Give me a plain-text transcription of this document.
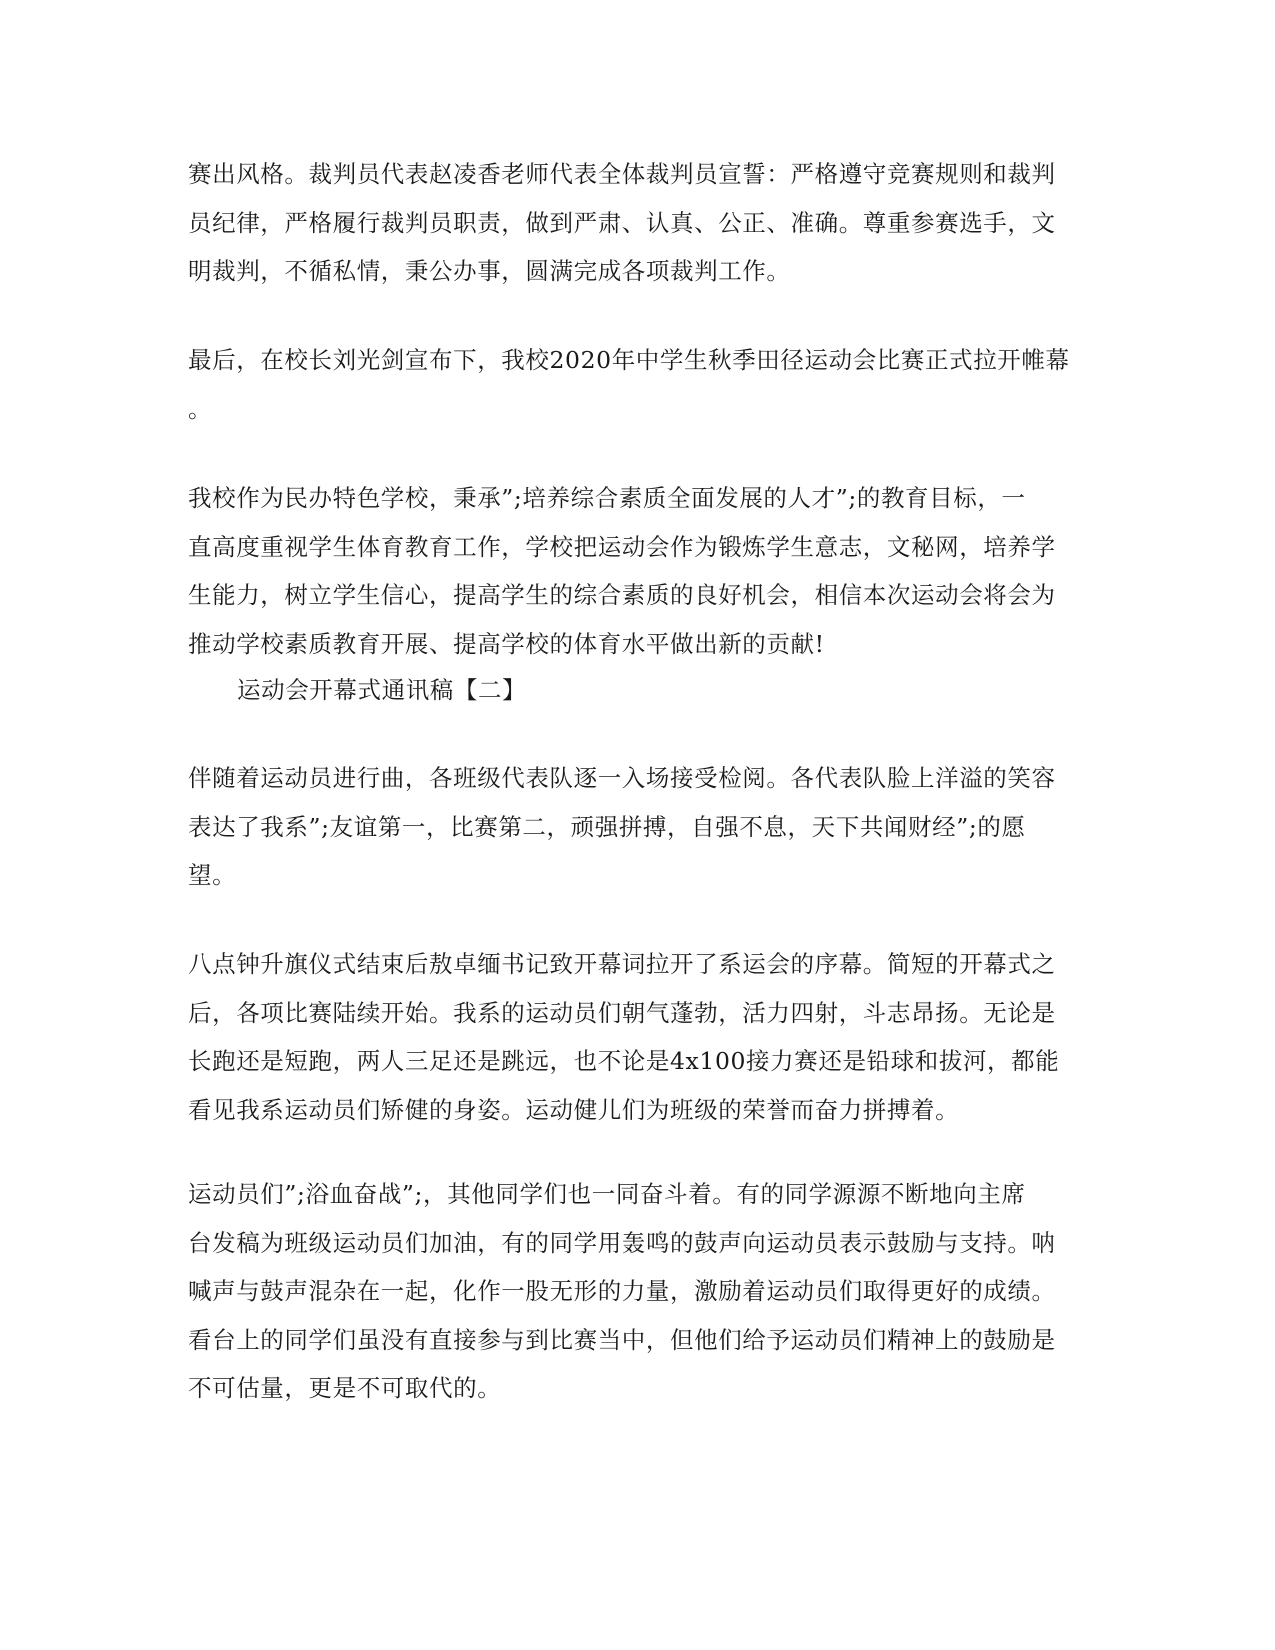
赛出风格。裁判员代表赵凌香老师代表全体裁判员宣誓：严格遵守竞赛规则和裁判
员纪律，严格履行裁判员职责，做到严肃、认真、公正、准确。尊重参赛选手，文
明裁判，不循私情，秉公办事，圆满完成各项裁判工作。

最后，在校长刘光剑宣布下，我校2020年中学生秋季田径运动会比赛正式拉开帷幕
。

我校作为民办特色学校，秉承”;培养综合素质全面发展的人才”;的教育目标，一
直高度重视学生体育教育工作，学校把运动会作为锻炼学生意志，文秘网，培养学
生能力，树立学生信心，提高学生的综合素质的良好机会，相信本次运动会将会为
推动学校素质教育开展、提高学校的体育水平做出新的贡献!

运动会开幕式通讯稿【二】

伴随着运动员进行曲，各班级代表队逐一入场接受检阅。各代表队脸上洋溢的笑容
表达了我系”;友谊第一，比赛第二，顽强拼搏，自强不息，天下共闻财经”;的愿
望。

八点钟升旗仪式结束后敖卓缅书记致开幕词拉开了系运会的序幕。简短的开幕式之
后，各项比赛陆续开始。我系的运动员们朝气蓬勃，活力四射，斗志昂扬。无论是
长跑还是短跑，两人三足还是跳远，也不论是4x100接力赛还是铅球和拔河，都能
看见我系运动员们矫健的身姿。运动健儿们为班级的荣誉而奋力拼搏着。

运动员们”;浴血奋战”;，其他同学们也一同奋斗着。有的同学源源不断地向主席
台发稿为班级运动员们加油，有的同学用轰鸣的鼓声向运动员表示鼓励与支持。呐
喊声与鼓声混杂在一起，化作一股无形的力量，激励着运动员们取得更好的成绩。
看台上的同学们虽没有直接参与到比赛当中，但他们给予运动员们精神上的鼓励是
不可估量，更是不可取代的。
